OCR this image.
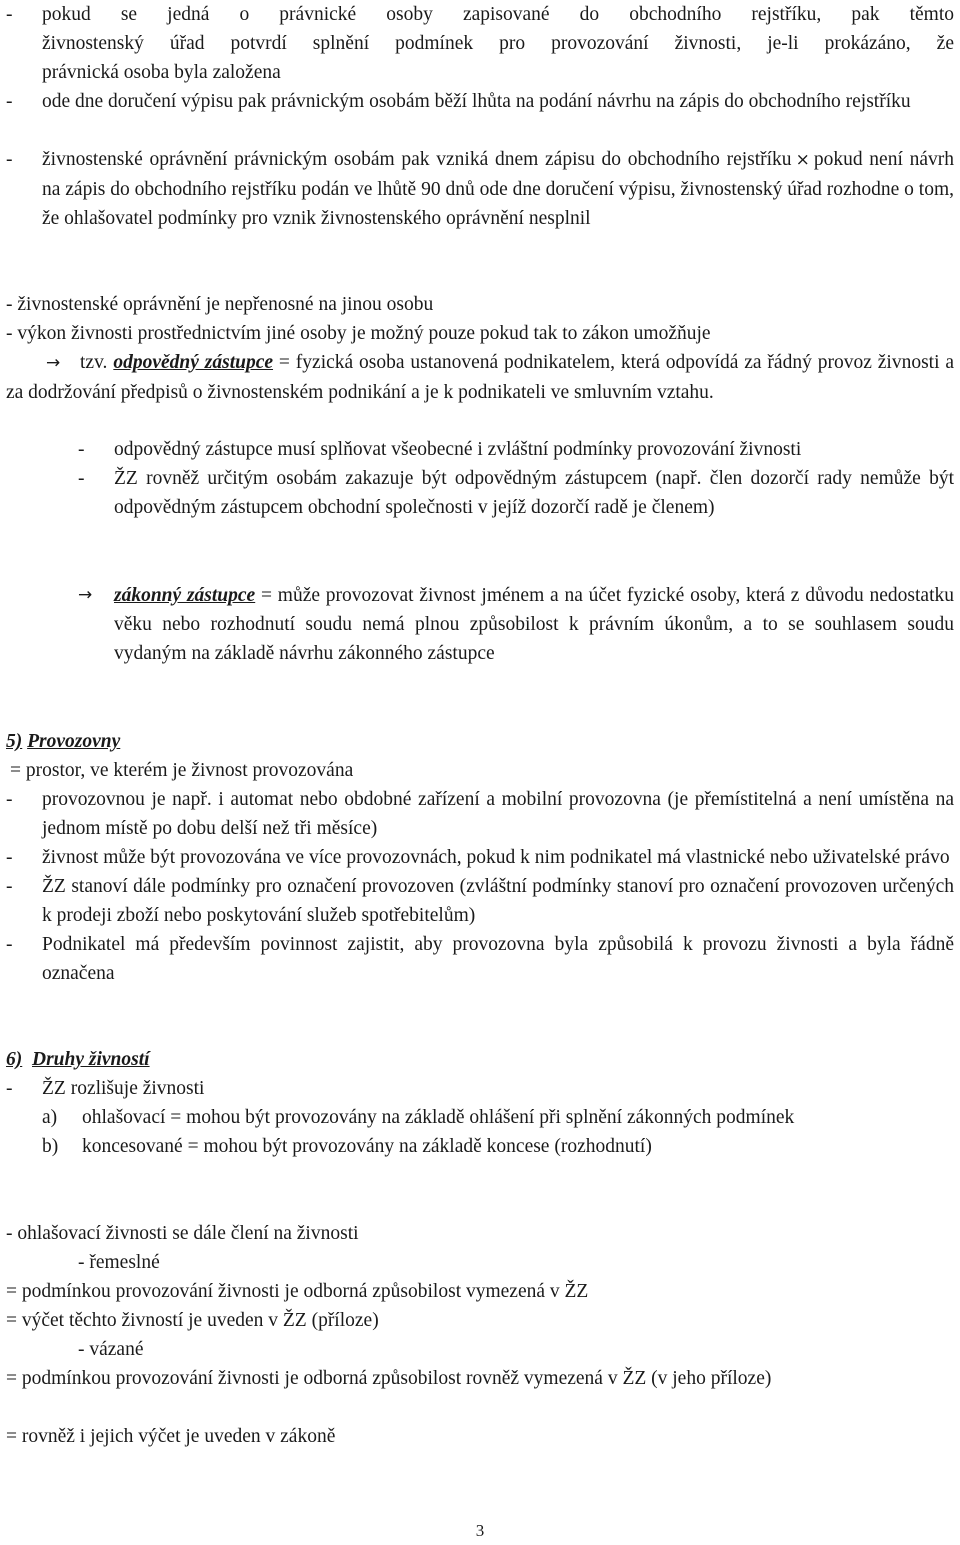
- pokud se jedná o právnické osoby zapisované do obchodního rejstříku, pak těmto
živnostenský úřad potvrdí splnění podmínek pro provozování živnosti, je-li prokázáno, že
právnická osoba byla založena
- ode dne doručení výpisu pak právnickým osobám běží lhůta na podání návrhu na zápis do obchodního rejstříku
- živnostenské oprávnění právnickým osobám pak vzniká dnem zápisu do obchodního rejstříku × pokud není návrh na zápis do obchodního rejstříku podán ve lhůtě 90 dnů ode dne doručení výpisu, živnostenský úřad rozhodne o tom, že ohlašovatel podmínky pro vznik živnostenského oprávnění nesplnil
- živnostenské oprávnění je nepřenosné na jinou osobu
- výkon živnosti prostřednictvím jiné osoby je možný pouze pokud tak to zákon umožňuje
→ tzv. odpovědný zástupce = fyzická osoba ustanovená podnikatelem, která odpovídá za řádný provoz živnosti a za dodržování předpisů o živnostenském podnikání a je k podnikateli ve smluvním vztahu.
- odpovědný zástupce musí splňovat všeobecné i zvláštní podmínky provozování živnosti
- ŽZ rovněž určitým osobám zakazuje být odpovědným zástupcem (např. člen dozorčí rady nemůže být odpovědným zástupcem obchodní společnosti v jejíž dozorčí radě je členem)
→	zákonný zástupce = může provozovat živnost jménem a na účet fyzické osoby, která z důvodu nedostatku věku nebo rozhodnutí soudu nemá plnou způsobilost k právním úkonům, a to se souhlasem soudu vydaným na základě návrhu zákonného zástupce
5) Provozovny
= prostor, ve kterém je živnost provozována
- provozovnou je např. i automat nebo obdobné zařízení a mobilní provozovna (je přemístitelná a není umístěna na jednom místě po dobu delší než tři měsíce)
- živnost může být provozována ve více provozovnách, pokud k nim podnikatel má vlastnické nebo uživatelské právo
- ŽZ stanoví dále podmínky pro označení provozoven (zvláštní podmínky stanoví pro označení provozoven určených k prodeji zboží nebo poskytování služeb spotřebitelům)
- Podnikatel má především povinnost zajistit, aby provozovna byla způsobilá k provozu živnosti a byla řádně označena
6) Druhy živností
- ŽZ rozlišuje živnosti
a) ohlašovací = mohou být provozovány na základě ohlášení při splnění zákonných podmínek
b) koncesované = mohou být provozovány na základě koncese (rozhodnutí)
- ohlašovací živnosti se dále člení na živnosti
- řemeslné
= podmínkou provozování živnosti je odborná způsobilost vymezená v ŽZ
= výčet těchto živností je uveden v ŽZ (příloze)
- vázané
= podmínkou provozování živnosti je odborná způsobilost rovněž vymezená v ŽZ (v jeho příloze)
= rovněž i jejich výčet je uveden v zákoně
3
